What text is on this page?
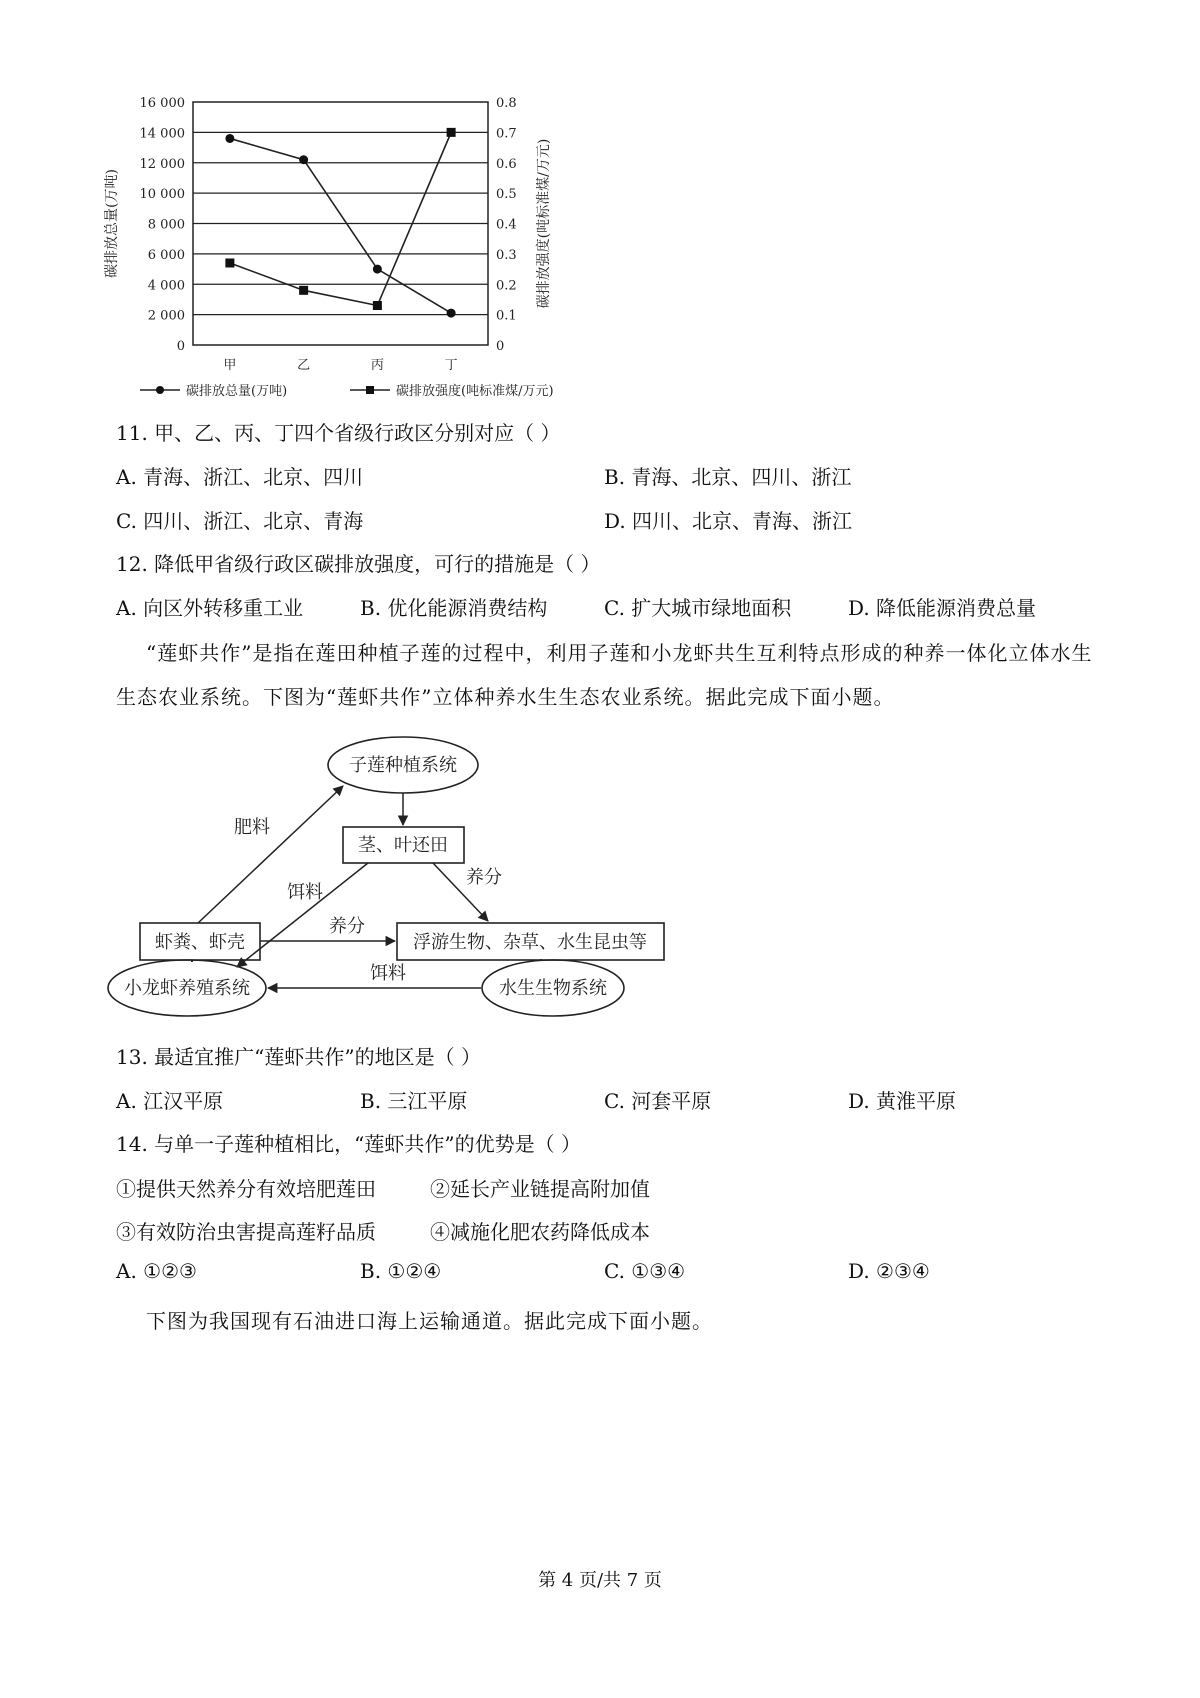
0	0
2 000	0.1
4 000	0.2
6 000	0.3
8 000	0.4
10 000	0.5
12 000	0.6
14 000	0.7
16 000	0.8
甲	乙	丙	丁
碳排放总量(万吨)	碳排放强度(吨标准煤/万元)
碳排放总量(万吨)	碳排放强度(吨标准煤/万元)
11. 甲、乙、丙、丁四个省级行政区分别对应（ ）
A. 青海、浙江、北京、四川	B. 青海、北京、四川、浙江
C. 四川、浙江、北京、青海	D. 四川、北京、青海、浙江
12. 降低甲省级行政区碳排放强度，可行的措施是（ ）
A. 向区外转移重工业	B. 优化能源消费结构	C. 扩大城市绿地面积	D. 降低能源消费总量
“莲虾共作”是指在莲田种植子莲的过程中，利用子莲和小龙虾共生互利特点形成的种养一体化立体水生
生态农业系统。下图为“莲虾共作”立体种养水生生态农业系统。据此完成下面小题。
子莲种植系统
茎、叶还田
虾粪、虾壳	浮游生物、杂草、水生昆虫等
小龙虾养殖系统	水生生物系统
肥料
饵料
养分
养分
饵料
13. 最适宜推广“莲虾共作”的地区是（ ）
A. 江汉平原	B. 三江平原	C. 河套平原	D. 黄淮平原
14. 与单一子莲种植相比，“莲虾共作”的优势是（ ）
①提供天然养分有效培肥莲田	②延长产业链提高附加值
③有效防治虫害提高莲籽品质	④减施化肥农药降低成本
A. ①②③	B. ①②④	C. ①③④	D. ②③④
下图为我国现有石油进口海上运输通道。据此完成下面小题。
第 4 页/共 7 页
